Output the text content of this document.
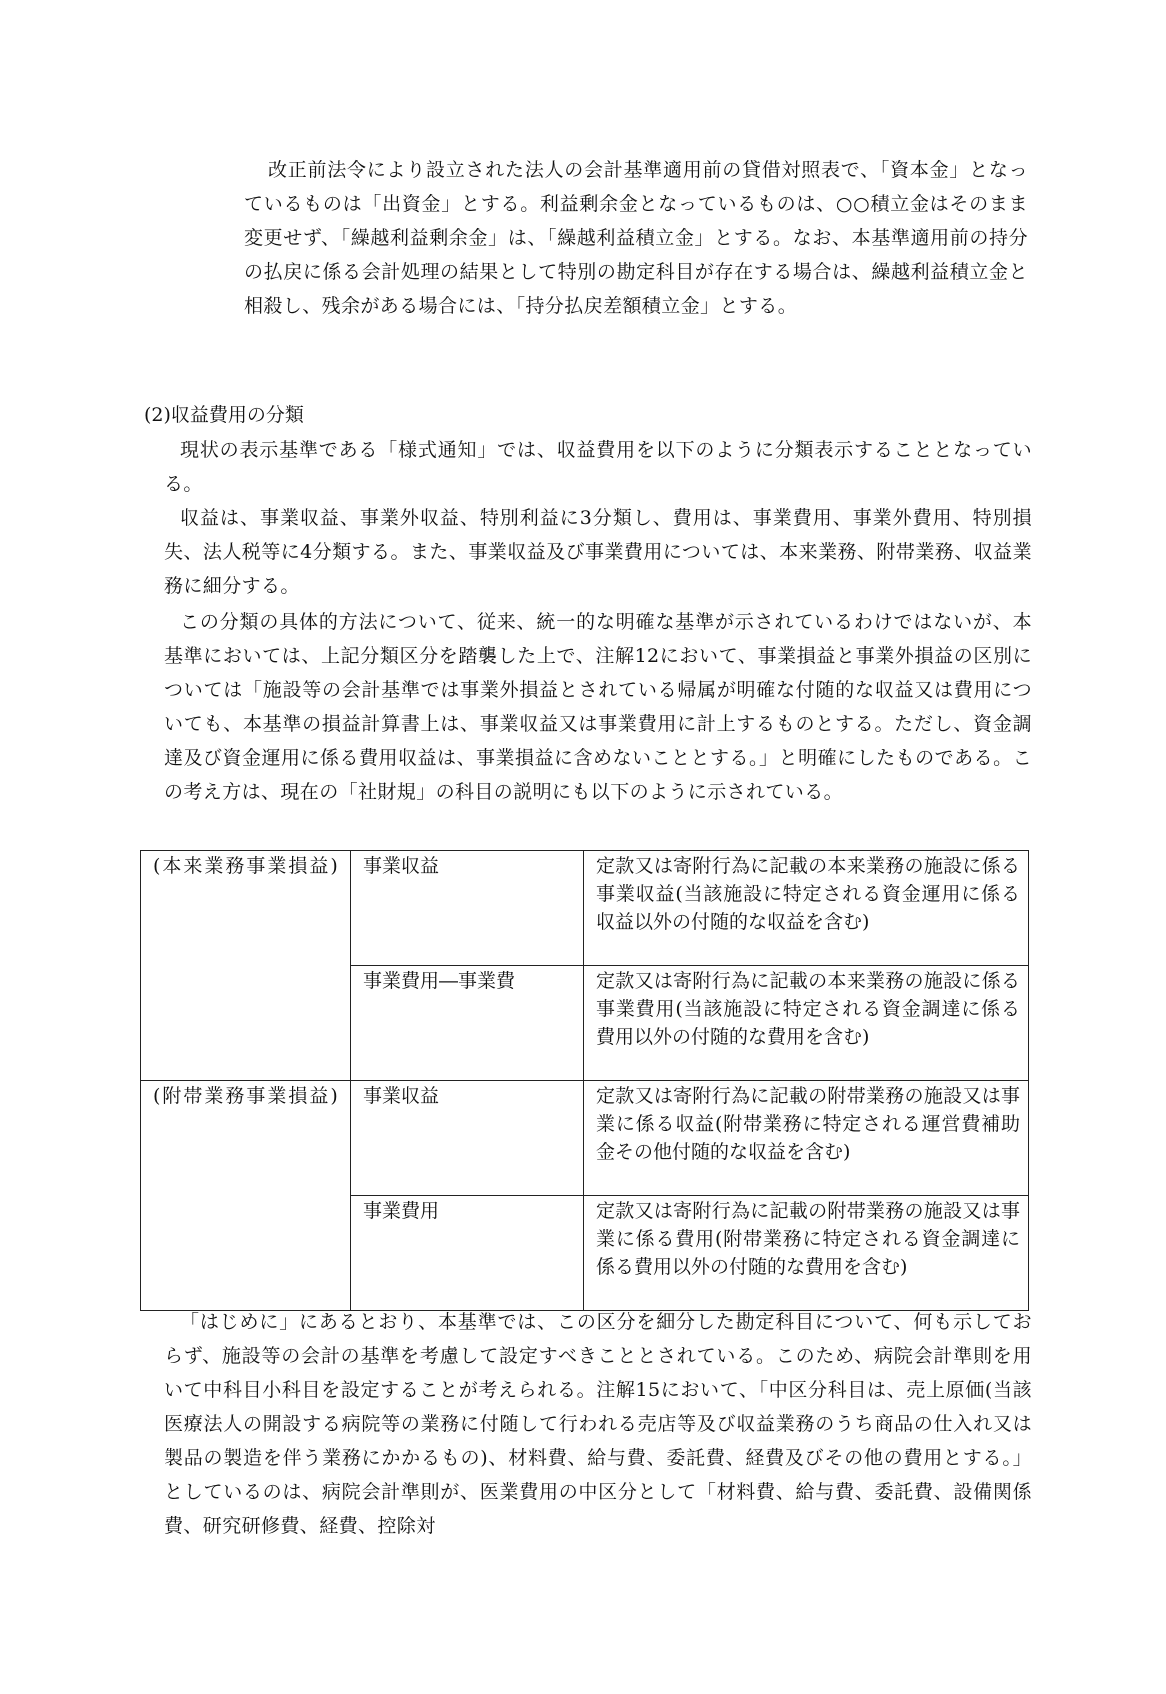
改正前法令により設立された法人の会計基準適用前の貸借対照表で、「資本金」となっているものは「出資金」とする。利益剰余金となっているものは、○○積立金はそのまま変更せず、「繰越利益剰余金」は、「繰越利益積立金」とする。なお、本基準適用前の持分の払戻に係る会計処理の結果として特別の勘定科目が存在する場合は、繰越利益積立金と相殺し、残余がある場合には、「持分払戻差額積立金」とする。

(2)収益費用の分類

現状の表示基準である「様式通知」では、収益費用を以下のように分類表示することとなっている。

収益は、事業収益、事業外収益、特別利益に3分類し、費用は、事業費用、事業外費用、特別損失、法人税等に4分類する。また、事業収益及び事業費用については、本来業務、附帯業務、収益業務に細分する。

この分類の具体的方法について、従来、統一的な明確な基準が示されているわけではないが、本基準においては、上記分類区分を踏襲した上で、注解12において、事業損益と事業外損益の区別については「施設等の会計基準では事業外損益とされている帰属が明確な付随的な収益又は費用についても、本基準の損益計算書上は、事業収益又は事業費用に計上するものとする。ただし、資金調達及び資金運用に係る費用収益は、事業損益に含めないこととする。」と明確にしたものである。この考え方は、現在の「社財規」の科目の説明にも以下のように示されている。

(本来業務事業損益)	事業収益	定款又は寄附行為に記載の本来業務の施設に係る事業収益(当該施設に特定される資金運用に係る収益以外の付随的な収益を含む)

	事業費用―事業費	定款又は寄附行為に記載の本来業務の施設に係る事業費用(当該施設に特定される資金調達に係る費用以外の付随的な費用を含む)

(附帯業務事業損益)	事業収益	定款又は寄附行為に記載の附帯業務の施設又は事業に係る収益(附帯業務に特定される運営費補助金その他付随的な収益を含む)

	事業費用	定款又は寄附行為に記載の附帯業務の施設又は事業に係る費用(附帯業務に特定される資金調達に係る費用以外の付随的な費用を含む)

「はじめに」にあるとおり、本基準では、この区分を細分した勘定科目について、何も示しておらず、施設等の会計の基準を考慮して設定すべきこととされている。このため、病院会計準則を用いて中科目小科目を設定することが考えられる。注解15において、「中区分科目は、売上原価(当該医療法人の開設する病院等の業務に付随して行われる売店等及び収益業務のうち商品の仕入れ又は製品の製造を伴う業務にかかるもの)、材料費、給与費、委託費、経費及びその他の費用とする。」としているのは、病院会計準則が、医業費用の中区分として「材料費、給与費、委託費、設備関係費、研究研修費、経費、控除対
